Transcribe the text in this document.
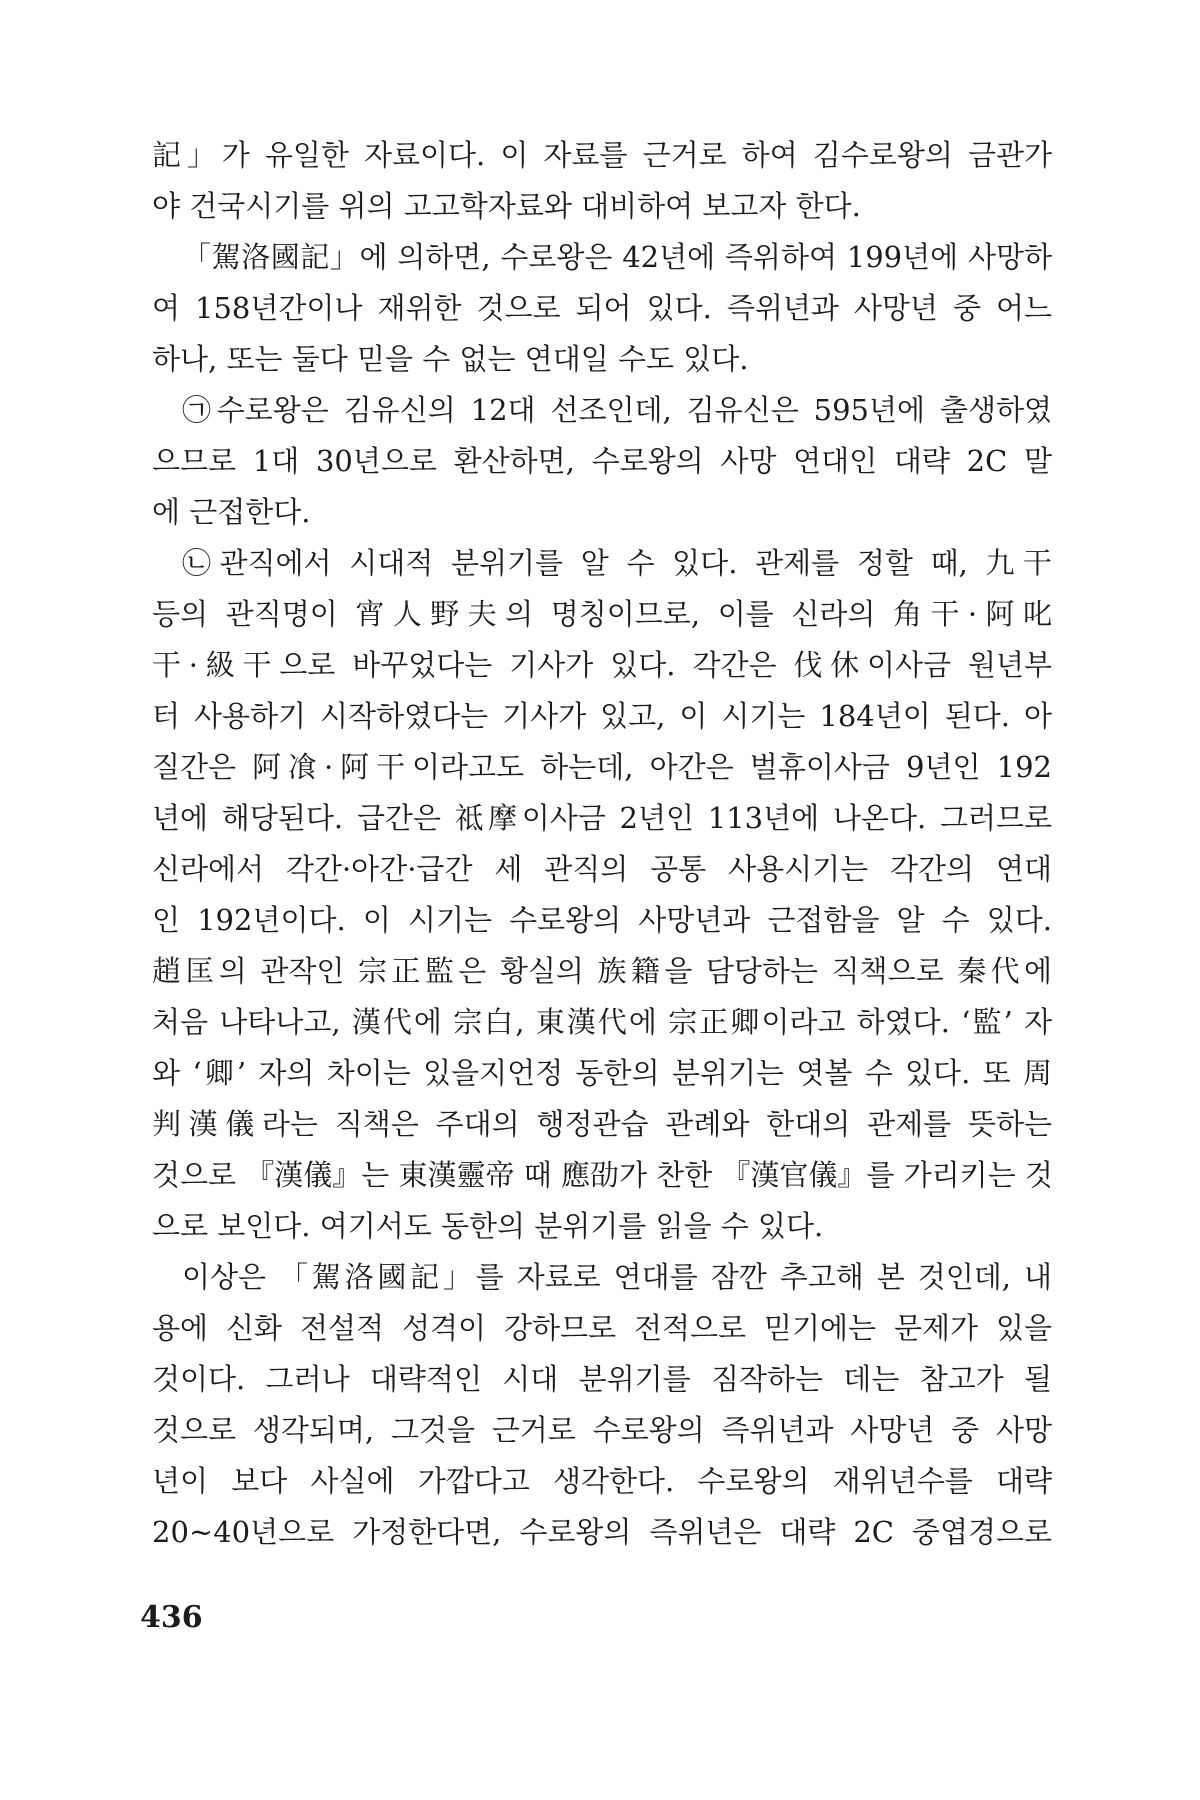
記」가 유일한 자료이다. 이 자료를 근거로 하여 김수로왕의 금관가
야 건국시기를 위의 고고학자료와 대비하여 보고자 한다.
「駕洛國記」에 의하면, 수로왕은 42년에 즉위하여 199년에 사망하
여 158년간이나 재위한 것으로 되어 있다. 즉위년과 사망년 중 어느
하나, 또는 둘다 믿을 수 없는 연대일 수도 있다.
㉠수로왕은 김유신의 12대 선조인데, 김유신은 595년에 출생하였
으므로 1대 30년으로 환산하면, 수로왕의 사망 연대인 대략 2C 말
에 근접한다.
㉡관직에서 시대적 분위기를 알 수 있다. 관제를 정할 때, 九干
등의 관직명이 宵人野夫의 명칭이므로, 이를 신라의 角干·阿叱
干·級干으로 바꾸었다는 기사가 있다. 각간은 伐休이사금 원년부
터 사용하기 시작하였다는 기사가 있고, 이 시기는 184년이 된다. 아
질간은 阿飡·阿干이라고도 하는데, 아간은 벌휴이사금 9년인 192
년에 해당된다. 급간은 祗摩이사금 2년인 113년에 나온다. 그러므로
신라에서 각간·아간·급간 세 관직의 공통 사용시기는 각간의 연대
인 192년이다. 이 시기는 수로왕의 사망년과 근접함을 알 수 있다.
趙匡의 관작인 宗正監은 황실의 族籍을 담당하는 직책으로 秦代에
처음 나타나고, 漢代에 宗白, 東漢代에 宗正卿이라고 하였다. ‘監’ 자
와 ‘卿’ 자의 차이는 있을지언정 동한의 분위기는 엿볼 수 있다. 또 周
判漢儀라는 직책은 주대의 행정관습 관례와 한대의 관제를 뜻하는
것으로 『漢儀』는 東漢靈帝 때 應劭가 찬한 『漢官儀』를 가리키는 것
으로 보인다. 여기서도 동한의 분위기를 읽을 수 있다.
이상은 「駕洛國記」를 자료로 연대를 잠깐 추고해 본 것인데, 내
용에 신화 전설적 성격이 강하므로 전적으로 믿기에는 문제가 있을
것이다. 그러나 대략적인 시대 분위기를 짐작하는 데는 참고가 될
것으로 생각되며, 그것을 근거로 수로왕의 즉위년과 사망년 중 사망
년이 보다 사실에 가깝다고 생각한다. 수로왕의 재위년수를 대략
20~40년으로 가정한다면, 수로왕의 즉위년은 대략 2C 중엽경으로
436
